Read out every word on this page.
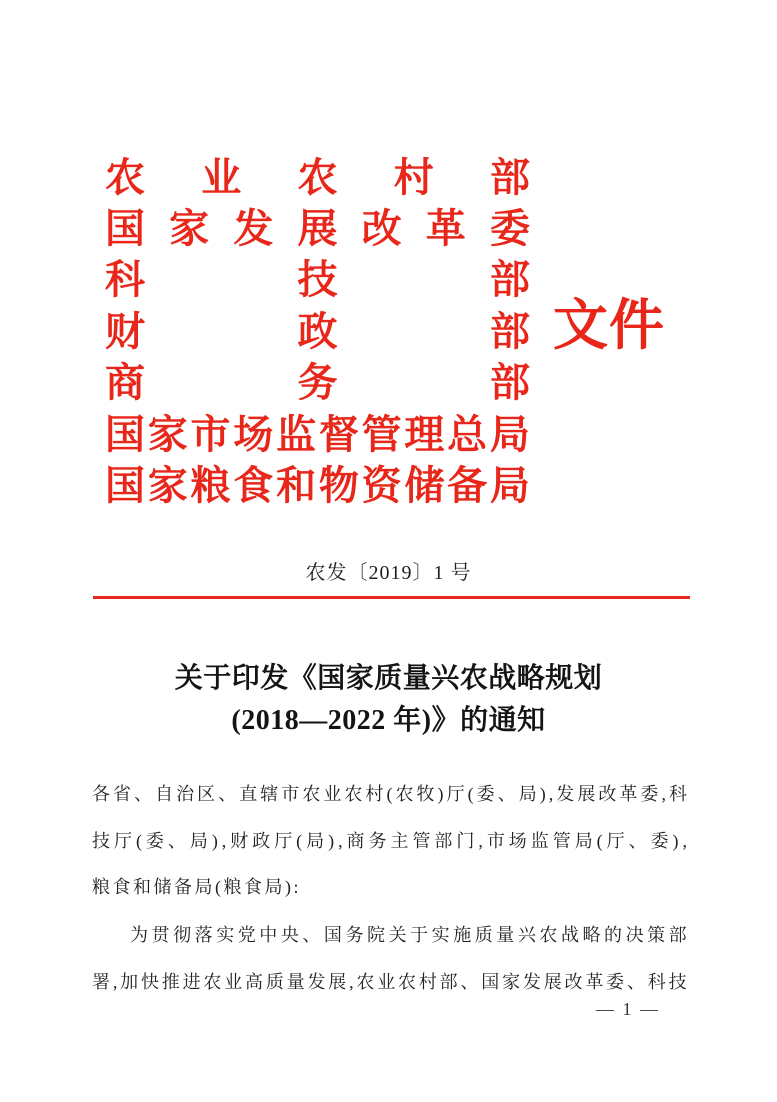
农 业 农 村 部
国 家 发 展 改 革 委
科	技	部
财	政	部
商	务	部
国 家 市 场 监 督 管 理 总 局
国 家 粮 食 和 物 资 储 备 局
文件
农发〔2019〕1 号
关于印发《国家质量兴农战略规划
(2018—2022 年)》的通知
各 省 、 自 治 区 、 直 辖 市 农 业 农 村 ( 农 牧 ) 厅 ( 委 、 局 ) , 发 展 改 革 委 , 科
技 厅 ( 委 、 局 ) , 财 政 厅 ( 局 ) , 商 务 主 管 部 门 , 市 场 监 管 局 ( 厅 、 委 ) ,
粮食和储备局(粮食局):
为 贯 彻 落 实 党 中 央 、 国 务 院 关 于 实 施 质 量 兴 农 战 略 的 决 策 部
署 , 加 快 推 进 农 业 高 质 量 发 展 , 农 业 农 村 部 、 国 家 发 展 改 革 委 、 科 技
— 1 —
